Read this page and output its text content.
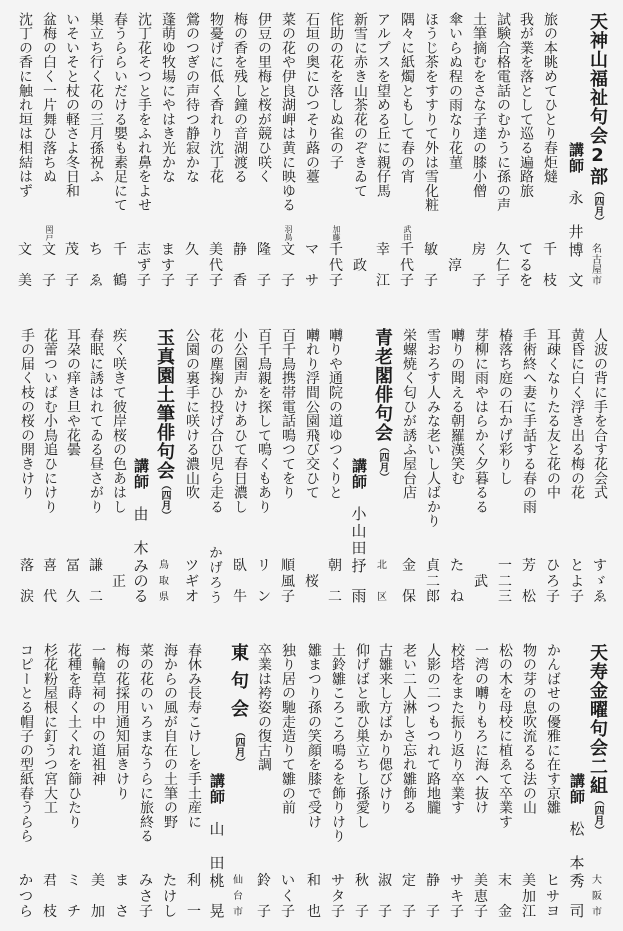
天神山福祉句会2部（四月）
名
古
屋
市
講師
永
井
博
文
旅の本眺めてひとり春炬燵
千
枝
我が業を落として巡る遍路旅
て
る
を
試験合格電話のむかうに孫の声
久
仁
子
土筆摘むをさな子達の膝小僧
房
子
傘いらぬ程の雨なり花菫
淳
ほうじ茶をすすりて外は雪化粧
敏
子
隅々に紙燭ともして春の宵
武田
千
代
子
アルプスを望める丘に親仔馬
幸
江
新雪に赤き山茶花のぞきゐて
政
侘助の花を落しぬ雀の子
加藤
千
代
子
石垣の奥にひつそり蕗の薹
マ
サ
菜の花や伊良湖岬は黄に映ゆる
羽鳥
文
子
伊豆の里梅と桜が競ひ咲く
隆
子
梅の香を残し鐘の音湖渡る
静
香
物憂げに低く香れり沈丁花
美
代
子
鶯のつぎの声待つ静寂かな
久
子
蓬萌ゆ牧場にやはき光かな
ま
す
子
沈丁花そつと手をふれ鼻をよせ
志
ず
子
春うららいだける嬰も素足にて
千
鶴
巣立ち行く花の三月孫祝ふ
ち
ゑ
いそいそと杖の軽さよ冬日和
茂
子
盆梅の白く一片舞ひ落ちぬ
岡戸
文
子
沈丁の香に触れ垣は相結はず
文
美
人波の背に手を合す花会式
す
ゞ
ゑ
黄昏に白く浮き出る梅の花
と
よ
子
耳疎くなりたる友と花の中
ひ
ろ
子
手術終へ妻に手話する春の雨
芳
松
椿落ち庭の石かげ彩りし
一
二
三
芽柳に雨やはらかく夕暮るる
武
囀りの聞える朝羅漢笑む
た
ね
雪おろす人みな老いし人ばかり
貞
二
郎
栄螺焼く匂ひが誘ふ屋台店
金
保
青老閣俳句会（四月）
北
区
講師
小
山
田
抒
雨
囀りや通院の道ゆつくりと
朝
二
囀れり浮間公園飛び交ひて
桜
百千鳥携帯電話鳴つてをり
順
風
子
百千鳥親を探して鳴くもあり
リ
ン
小公園声かけあひて春日濃し
臥
牛
花の塵掬ひ投げ合ひ児ら走る
か
げ
ろ
う
公園の裏手に咲ける濃山吹
ツ
ギ
オ
玉真園土筆俳句会（四月）
鳥
取
県
講師
由
木
み
の
る
疾く咲きて彼岸桜の色あはし
正
春眠に誘はれてゐる昼さがり
謙
二
耳朶の痒き旦や花曇
冨
久
花蕾ついばむ小鳥追ひにけり
喜
代
手の届く枝の桜の開きけり
落
涙
天寿金曜句会二組（四月）
大
阪
市
講師
松
本
秀
司
かんばせの優雅に在す京雛
ヒ
サ
ヨ
物の芽の息吹流るる法の山
美
加
江
松の木を母校に植ゑて卒業す
末
金
一湾の囀りもろに海へ抜け
美
恵
子
校塔をまた振り返り卒業す
サ
キ
子
人影の二つもつれて路地朧
静
子
老い二人淋しさ忘れ雛飾る
定
子
古雛来し方ばかり偲びけり
淑
子
仰げばと歌ひ巣立ちし孫愛し
秋
子
土鈴雛ころころ鳴るを飾りけり
サ
タ
子
雛まつり孫の笑顔を膝で受け
和
也
独り居の馳走造りて雛の前
い
く
子
卒業は袴姿の復古調
鈴
子
東句会（四月）
仙
台
市
講師
山
田
桃
晃
春休み長寿こけしを手土産に
利
一
海からの風が自在の土筆の野
た
け
し
菜の花のいろまなうらに旅終る
み
さ
子
梅の花採用通知届きけり
ま
さ
一輪草祠の中の道祖神
美
加
花種を蒔く土くれを篩ひたり
ミ
チ
杉花粉屋根に釘うつ宮大工
君
枝
コピーとる帽子の型紙春うらら
か
つ
ら
